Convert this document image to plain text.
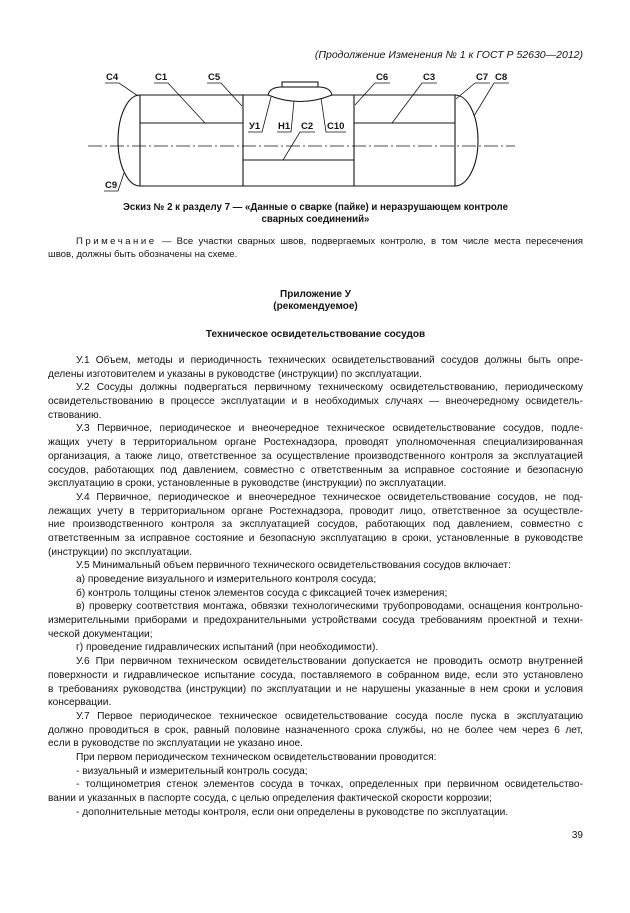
(Продолжение Изменения № 1 к ГОСТ Р 52630—2012)
С4	С1	С5	С6	С3	С7 С8
У1 Н1 С2 С10
С9
Эскиз № 2 к разделу 7 — «Данные о сварке (пайке) и неразрушающем контроле
сварных соединений»
Примечание — Все участки сварных швов, подвергаемых контролю, в том числе места пересечения
швов, должны быть обозначены на схеме.
Приложение У
(рекомендуемое)
Техническое освидетельствование сосудов
У.1 Объем, методы и периодичность технических освидетельствований сосудов должны быть опре-
делены изготовителем и указаны в руководстве (инструкции) по эксплуатации.
У.2 Сосуды должны подвергаться первичному техническому освидетельствованию, периодическому
освидетельствованию в процессе эксплуатации и в необходимых случаях — внеочередному освидетель-
ствованию.
У.3 Первичное, периодическое и внеочередное техническое освидетельствование сосудов, подле-
жащих учету в территориальном органе Ростехнадзора, проводят уполномоченная специализированная
организация, а также лицо, ответственное за осуществление производственного контроля за эксплуатацией
сосудов, работающих под давлением, совместно с ответственным за исправное состояние и безопасную
эксплуатацию в сроки, установленные в руководстве (инструкции) по эксплуатации.
У.4 Первичное, периодическое и внеочередное техническое освидетельствование сосудов, не под-
лежащих учету в территориальном органе Ростехнадзора, проводит лицо, ответственное за осуществле-
ние производственного контроля за эксплуатацией сосудов, работающих под давлением, совместно с
ответственным за исправное состояние и безопасную эксплуатацию в сроки, установленные в руководстве
(инструкции) по эксплуатации.
У.5 Минимальный объем первичного технического освидетельствования сосудов включает:
а) проведение визуального и измерительного контроля сосуда;
б) контроль толщины стенок элементов сосуда с фиксацией точек измерения;
в) проверку соответствия монтажа, обвязки технологическими трубопроводами, оснащения контрольно-
измерительными приборами и предохранительными устройствами сосуда требованиям проектной и техни-
ческой документации;
г) проведение гидравлических испытаний (при необходимости).
У.6 При первичном техническом освидетельствовании допускается не проводить осмотр внутренней
поверхности и гидравлическое испытание сосуда, поставляемого в собранном виде, если это установлено
в требованиях руководства (инструкции) по эксплуатации и не нарушены указанные в нем сроки и условия
консервации.
У.7 Первое периодическое техническое освидетельствование сосуда после пуска в эксплуатацию
должно проводиться в срок, равный половине назначенного срока службы, но не более чем через 6 лет,
если в руководстве по эксплуатации не указано иное.
При первом периодическом техническом освидетельствовании проводится:
- визуальный и измерительный контроль сосуда;
- толщинометрия стенок элементов сосуда в точках, определенных при первичном освидетельство-
вании и указанных в паспорте сосуда, с целью определения фактической скорости коррозии;
- дополнительные методы контроля, если они определены в руководстве по эксплуатации.
39
